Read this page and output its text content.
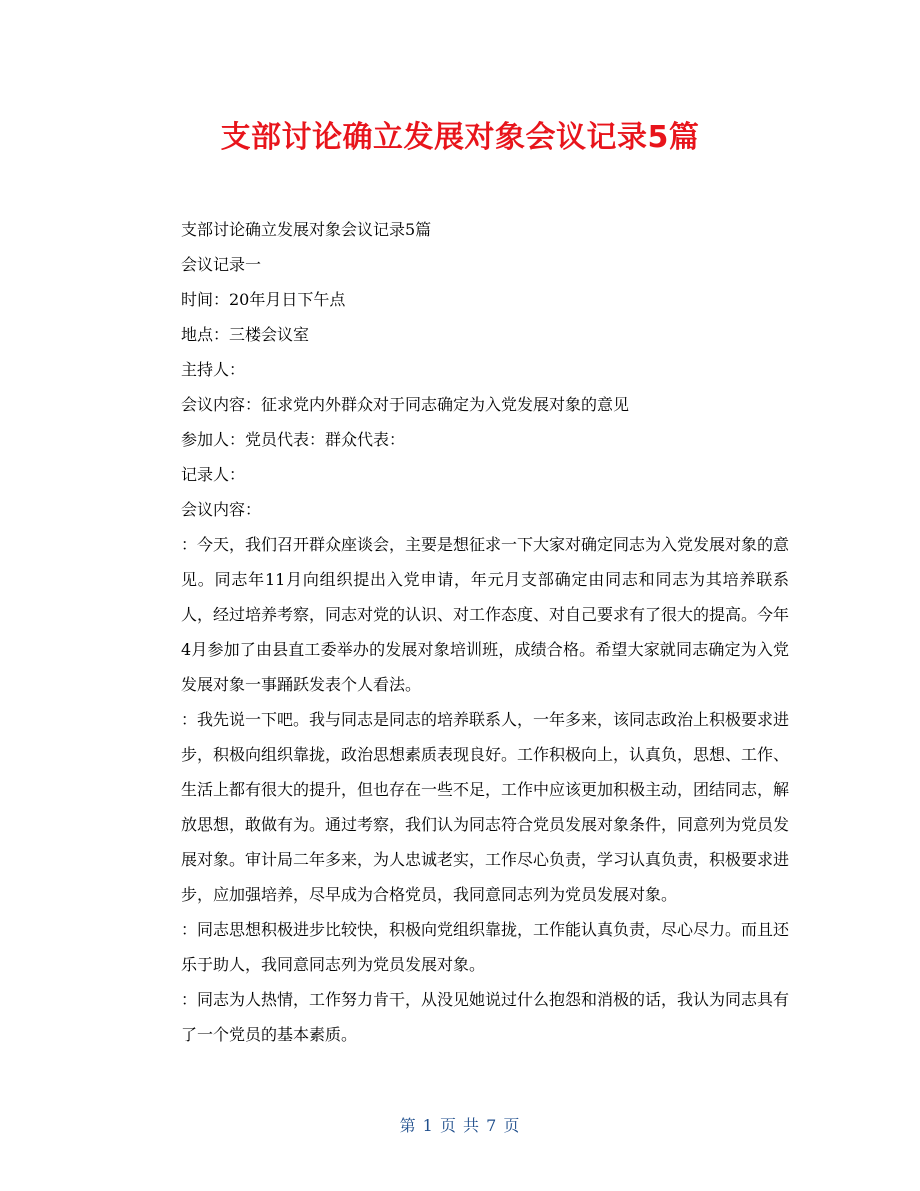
支部讨论确立发展对象会议记录5篇

支部讨论确立发展对象会议记录5篇

会议记录一

时间：20年月日下午点

地点：三楼会议室

主持人：

会议内容：征求党内外群众对于同志确定为入党发展对象的意见

参加人：党员代表：群众代表：

记录人：

会议内容：

：今天，我们召开群众座谈会，主要是想征求一下大家对确定同志为入党发展对象的意见。同志年11月向组织提出入党申请，年元月支部确定由同志和同志为其培养联系人，经过培养考察，同志对党的认识、对工作态度、对自己要求有了很大的提高。今年4月参加了由县直工委举办的发展对象培训班，成绩合格。希望大家就同志确定为入党发展对象一事踊跃发表个人看法。

：我先说一下吧。我与同志是同志的培养联系人，一年多来，该同志政治上积极要求进步，积极向组织靠拢，政治思想素质表现良好。工作积极向上，认真负，思想、工作、生活上都有很大的提升，但也存在一些不足，工作中应该更加积极主动，团结同志，解放思想，敢做有为。通过考察，我们认为同志符合党员发展对象条件，同意列为党员发展对象。审计局二年多来，为人忠诚老实，工作尽心负责，学习认真负责，积极要求进步，应加强培养，尽早成为合格党员，我同意同志列为党员发展对象。

：同志思想积极进步比较快，积极向党组织靠拢，工作能认真负责，尽心尽力。而且还乐于助人，我同意同志列为党员发展对象。

：同志为人热情，工作努力肯干，从没见她说过什么抱怨和消极的话，我认为同志具有了一个党员的基本素质。

第 1 页 共 7 页
